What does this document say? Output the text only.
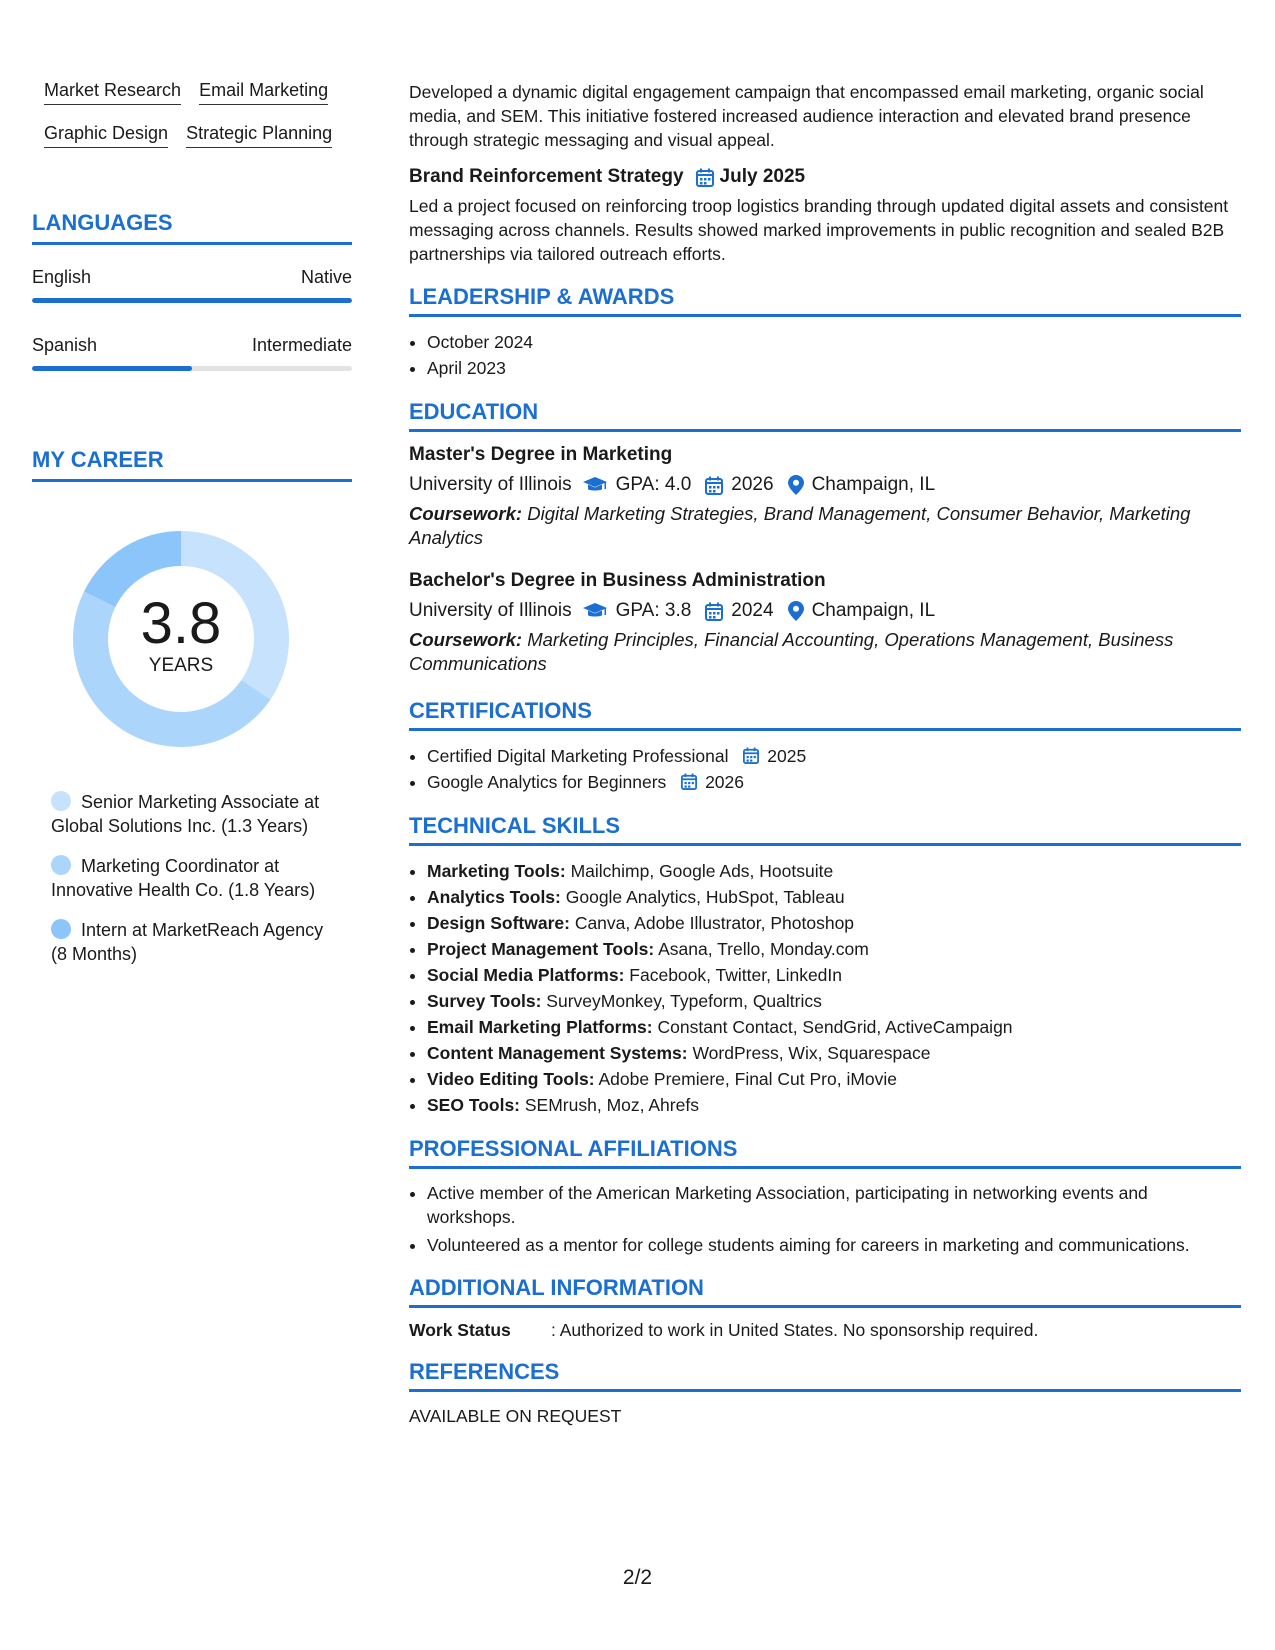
Market Research Email Marketing
Graphic Design Strategic Planning
LANGUAGES
English	Native
Spanish	Intermediate
MY CAREER
3.8
YEARS
Senior Marketing Associate at Global Solutions Inc. (1.3 Years)
Marketing Coordinator at Innovative Health Co. (1.8 Years)
Intern at MarketReach Agency (8 Months)

Developed a dynamic digital engagement campaign that encompassed email marketing, organic social media, and SEM. This initiative fostered increased audience interaction and elevated brand presence through strategic messaging and visual appeal.

Brand Reinforcement Strategy July 2025

Led a project focused on reinforcing troop logistics branding through updated digital assets and consistent messaging across channels. Results showed marked improvements in public recognition and sealed B2B partnerships via tailored outreach efforts.

LEADERSHIP & AWARDS
• October 2024
• April 2023
EDUCATION
Master's Degree in Marketing
University of Illinois GPA: 4.0 2026 Champaign, IL
Coursework: Digital Marketing Strategies, Brand Management, Consumer Behavior, Marketing Analytics
Bachelor's Degree in Business Administration
University of Illinois GPA: 3.8 2024 Champaign, IL
Coursework: Marketing Principles, Financial Accounting, Operations Management, Business Communications
CERTIFICATIONS
• Certified Digital Marketing Professional 2025
• Google Analytics for Beginners 2026
TECHNICAL SKILLS
• Marketing Tools: Mailchimp, Google Ads, Hootsuite
• Analytics Tools: Google Analytics, HubSpot, Tableau
• Design Software: Canva, Adobe Illustrator, Photoshop
• Project Management Tools: Asana, Trello, Monday.com
• Social Media Platforms: Facebook, Twitter, LinkedIn
• Survey Tools: SurveyMonkey, Typeform, Qualtrics
• Email Marketing Platforms: Constant Contact, SendGrid, ActiveCampaign
• Content Management Systems: WordPress, Wix, Squarespace
• Video Editing Tools: Adobe Premiere, Final Cut Pro, iMovie
• SEO Tools: SEMrush, Moz, Ahrefs
PROFESSIONAL AFFILIATIONS
• Active member of the American Marketing Association, participating in networking events and workshops.
• Volunteered as a mentor for college students aiming for careers in marketing and communications.
ADDITIONAL INFORMATION
Work Status	: Authorized to work in United States. No sponsorship required.
REFERENCES

AVAILABLE ON REQUEST

2/2
